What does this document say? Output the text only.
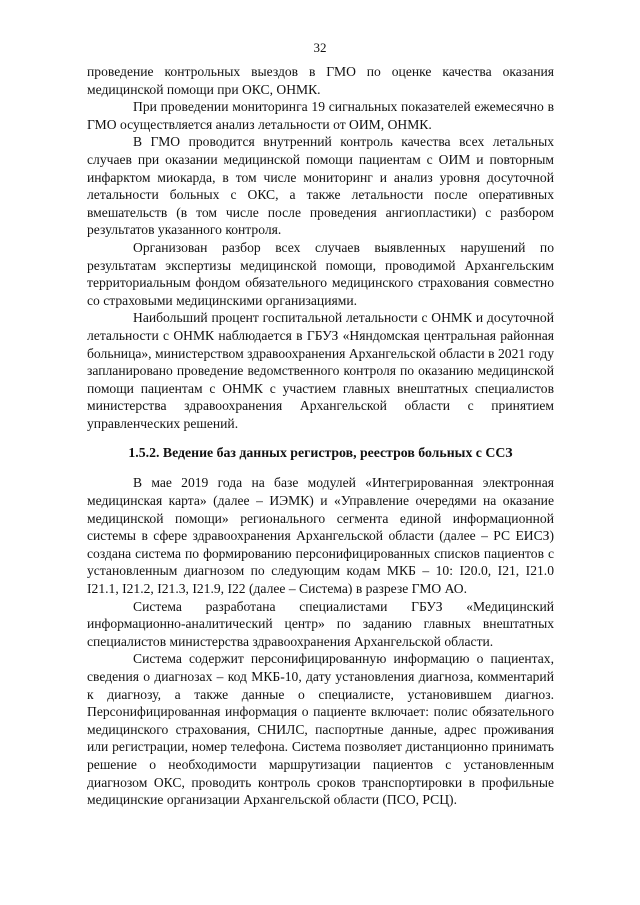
32

проведение контрольных выездов в ГМО по оценке качества оказания медицинской помощи при ОКС, ОНМК.

При проведении мониторинга 19 сигнальных показателей ежемесячно в ГМО осуществляется анализ летальности от ОИМ, ОНМК.

В ГМО проводится внутренний контроль качества всех летальных случаев при оказании медицинской помощи пациентам с ОИМ и повторным инфарктом миокарда, в том числе мониторинг и анализ уровня досуточной летальности больных с ОКС, а также летальности после оперативных вмешательств (в том числе после проведения ангиопластики) с разбором результатов указанного контроля.

Организован разбор всех случаев выявленных нарушений по результатам экспертизы медицинской помощи, проводимой Архангельским территориальным фондом обязательного медицинского страхования совместно со страховыми медицинскими организациями.

Наибольший процент госпитальной летальности с ОНМК и досуточной летальности с ОНМК наблюдается в ГБУЗ «Няндомская центральная районная больница», министерством здравоохранения Архангельской области в 2021 году запланировано проведение ведомственного контроля по оказанию медицинской помощи пациентам с ОНМК с участием главных внештатных специалистов министерства здравоохранения Архангельской области с принятием управленческих решений.

1.5.2. Ведение баз данных регистров, реестров больных с ССЗ

В мае 2019 года на базе модулей «Интегрированная электронная медицинская карта» (далее – ИЭМК) и «Управление очередями на оказание медицинской помощи» регионального сегмента единой информационной системы в сфере здравоохранения Архангельской области (далее – РС ЕИСЗ) создана система по формированию персонифицированных списков пациентов с установленным диагнозом по следующим кодам МКБ – 10: I20.0, I21, I21.0 I21.1, I21.2, I21.3, I21.9, I22 (далее – Система) в разрезе ГМО АО.

Система разработана специалистами ГБУЗ «Медицинский информационно-аналитический центр» по заданию главных внештатных специалистов министерства здравоохранения Архангельской области.

Система содержит персонифицированную информацию о пациентах, сведения о диагнозах – код МКБ-10, дату установления диагноза, комментарий к диагнозу, а также данные о специалисте, установившем диагноз. Персонифицированная информация о пациенте включает: полис обязательного медицинского страхования, СНИЛС, паспортные данные, адрес проживания или регистрации, номер телефона. Система позволяет дистанционно принимать решение о необходимости маршрутизации пациентов с установленным диагнозом ОКС, проводить контроль сроков транспортировки в профильные медицинские организации Архангельской области (ПСО, РСЦ).
